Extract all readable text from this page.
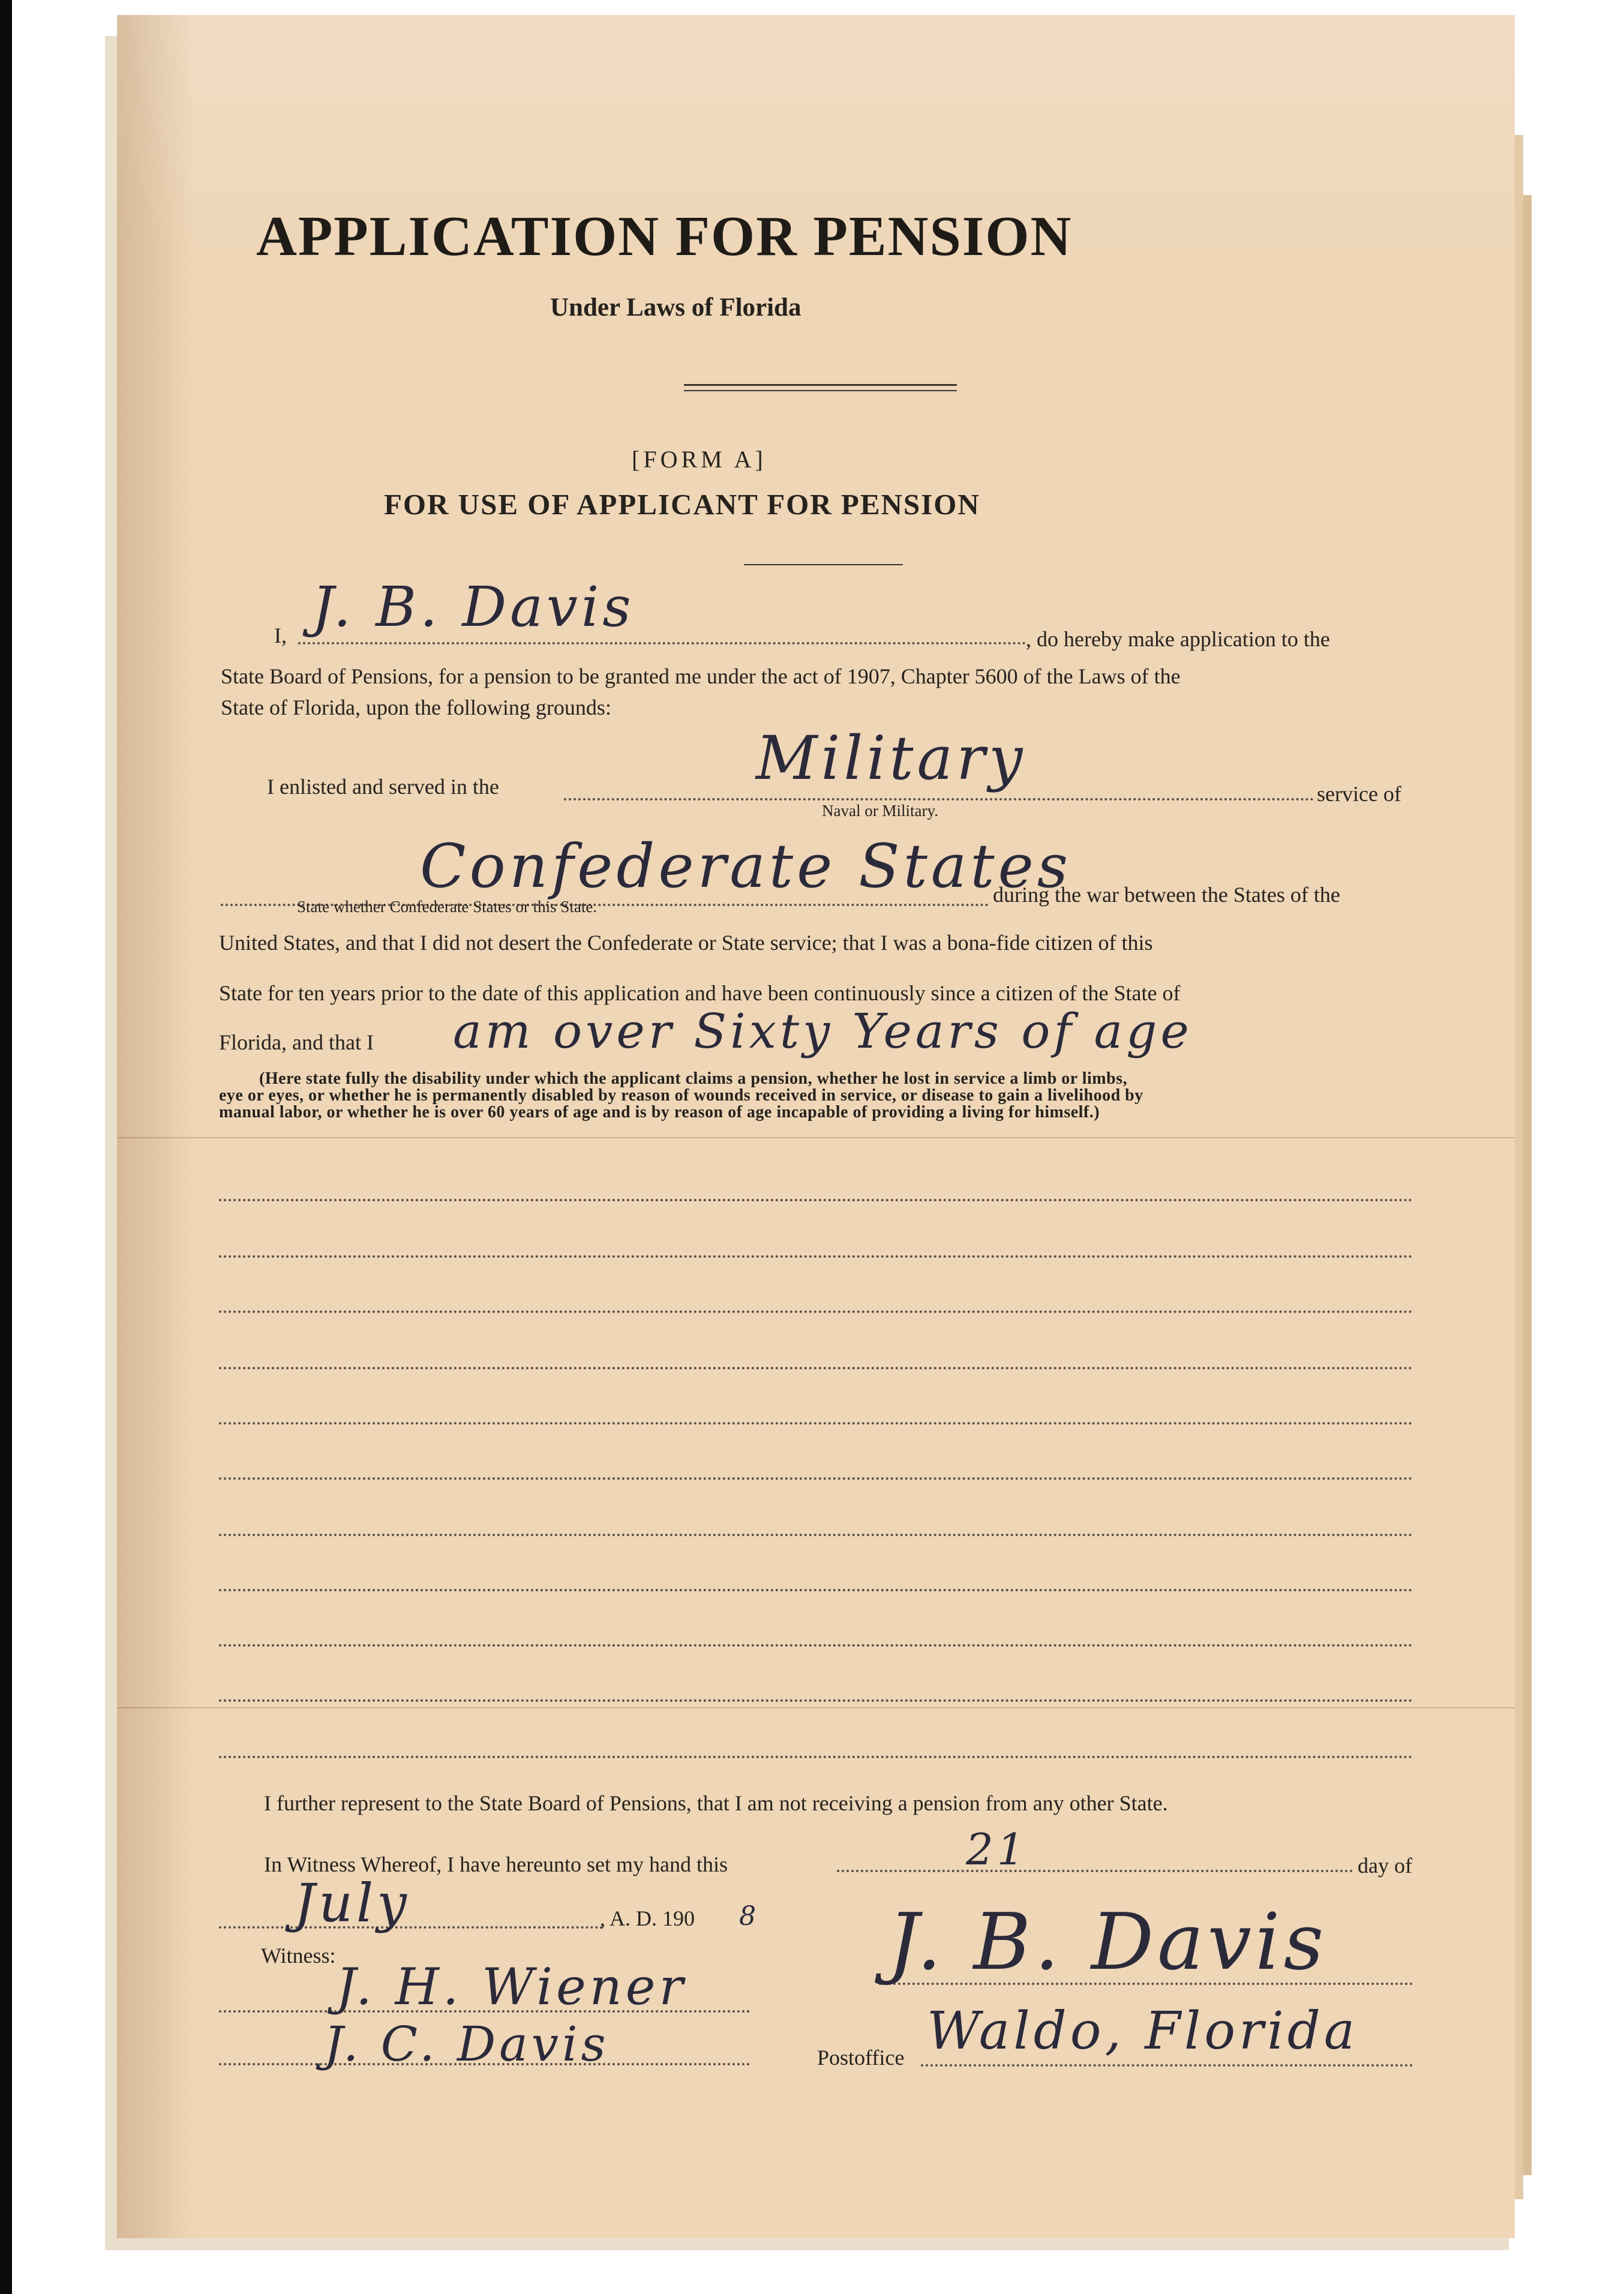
APPLICATION FOR PENSION
Under Laws of Florida
[FORM A]
FOR USE OF APPLICANT FOR PENSION
I, J. B. Davis	, do hereby make application to the
State Board of Pensions, for a pension to be granted me under the act of 1907, Chapter 5600 of the Laws of the
State of Florida, upon the following grounds:
I enlisted and served in the	Military
service of
Naval or Military.
Confederate States
during the war between the States of the
State whether Confederate States or this State.
United States, and that I did not desert the Confederate or State service; that I was a bona-fide citizen of this
State for ten years prior to the date of this application and have been continuously since a citizen of the State of
Florida, and that I am over Sixty Years of age
(Here state fully the disability under which the applicant claims a pension, whether he lost in service a limb or limbs,
eye or eyes, or whether he is permanently disabled by reason of wounds received in service, or disease to gain a livelihood by
manual labor, or whether he is over 60 years of age and is by reason of age incapable of providing a living for himself.)
I further represent to the State Board of Pensions, that I am not receiving a pension from any other State.
In Witness Whereof, I have hereunto set my hand this	21	day of
July	, A. D. 190 8
Witness:
J. H. Wiener
J. C. Davis
J. B. Davis
Postoffice Waldo, Florida
